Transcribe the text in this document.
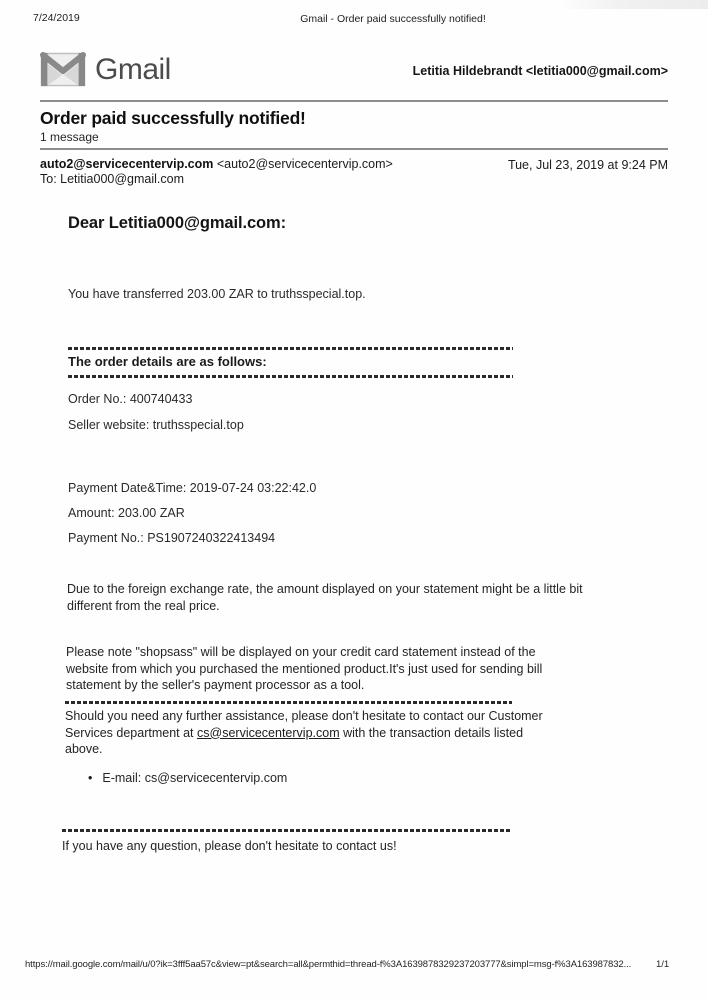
7/24/2019	Gmail - Order paid successfully notified!
Gmail	Letitia Hildebrandt <letitia000@gmail.com>
Order paid successfully notified!
1 message
auto2@servicecentervip.com <auto2@servicecentervip.com>	Tue, Jul 23, 2019 at 9:24 PM
To: Letitia000@gmail.com
Dear Letitia000@gmail.com:
You have transferred 203.00 ZAR to truthsspecial.top.
The order details are as follows:
Order No.: 400740433
Seller website: truthsspecial.top
Payment Date&Time: 2019-07-24 03:22:42.0
Amount: 203.00 ZAR
Payment No.: PS1907240322413494

Due to the foreign exchange rate, the amount displayed on your statement might be a little bit different from the real price.

Please note "shopsass" will be displayed on your credit card statement instead of the website from which you purchased the mentioned product.It's just used for sending bill statement by the seller's payment processor as a tool.

Should you need any further assistance, please don't hesitate to contact our Customer Services department at cs@servicecentervip.com with the transaction details listed above.

• E-mail: cs@servicecentervip.com
If you have any question, please don't hesitate to contact us!
https://mail.google.com/mail/u/0?ik=3fff5aa57c&view=pt&search=all&permthid=thread-f%3A1639878329237203777&simpl=msg-f%3A163987832...	1/1
